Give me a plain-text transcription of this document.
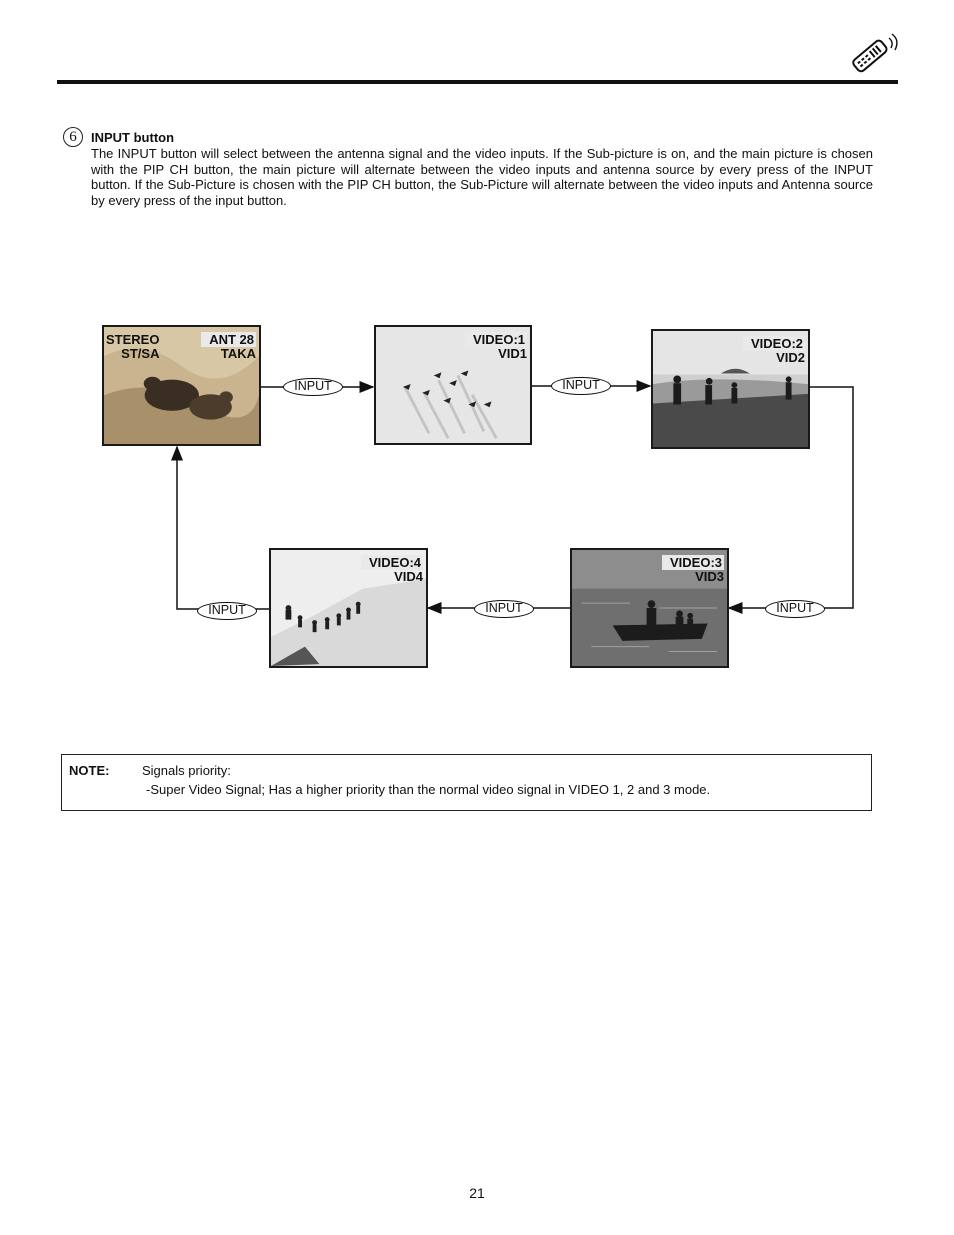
6	INPUT button
The INPUT button will select between the antenna signal and the video inputs. If the Sub-picture is on, and the main picture is chosen with the PIP CH button, the main picture will alternate between the video inputs and antenna source by every press of the INPUT button. If the Sub-Picture is chosen with the PIP CH button, the Sub-Picture will alternate between the video inputs and Antenna source by every press of the input button.
STEREO
ST/SA
ANT 28
TAKA
VIDEO:1
VID1
VIDEO:2
VID2
VIDEO:3
VID3
VIDEO:4
VID4
INPUT	INPUT
INPUT
INPUT
INPUT
NOTE:	Signals priority:
-Super Video Signal; Has a higher priority than the normal video signal in VIDEO 1, 2 and 3 mode.
21
